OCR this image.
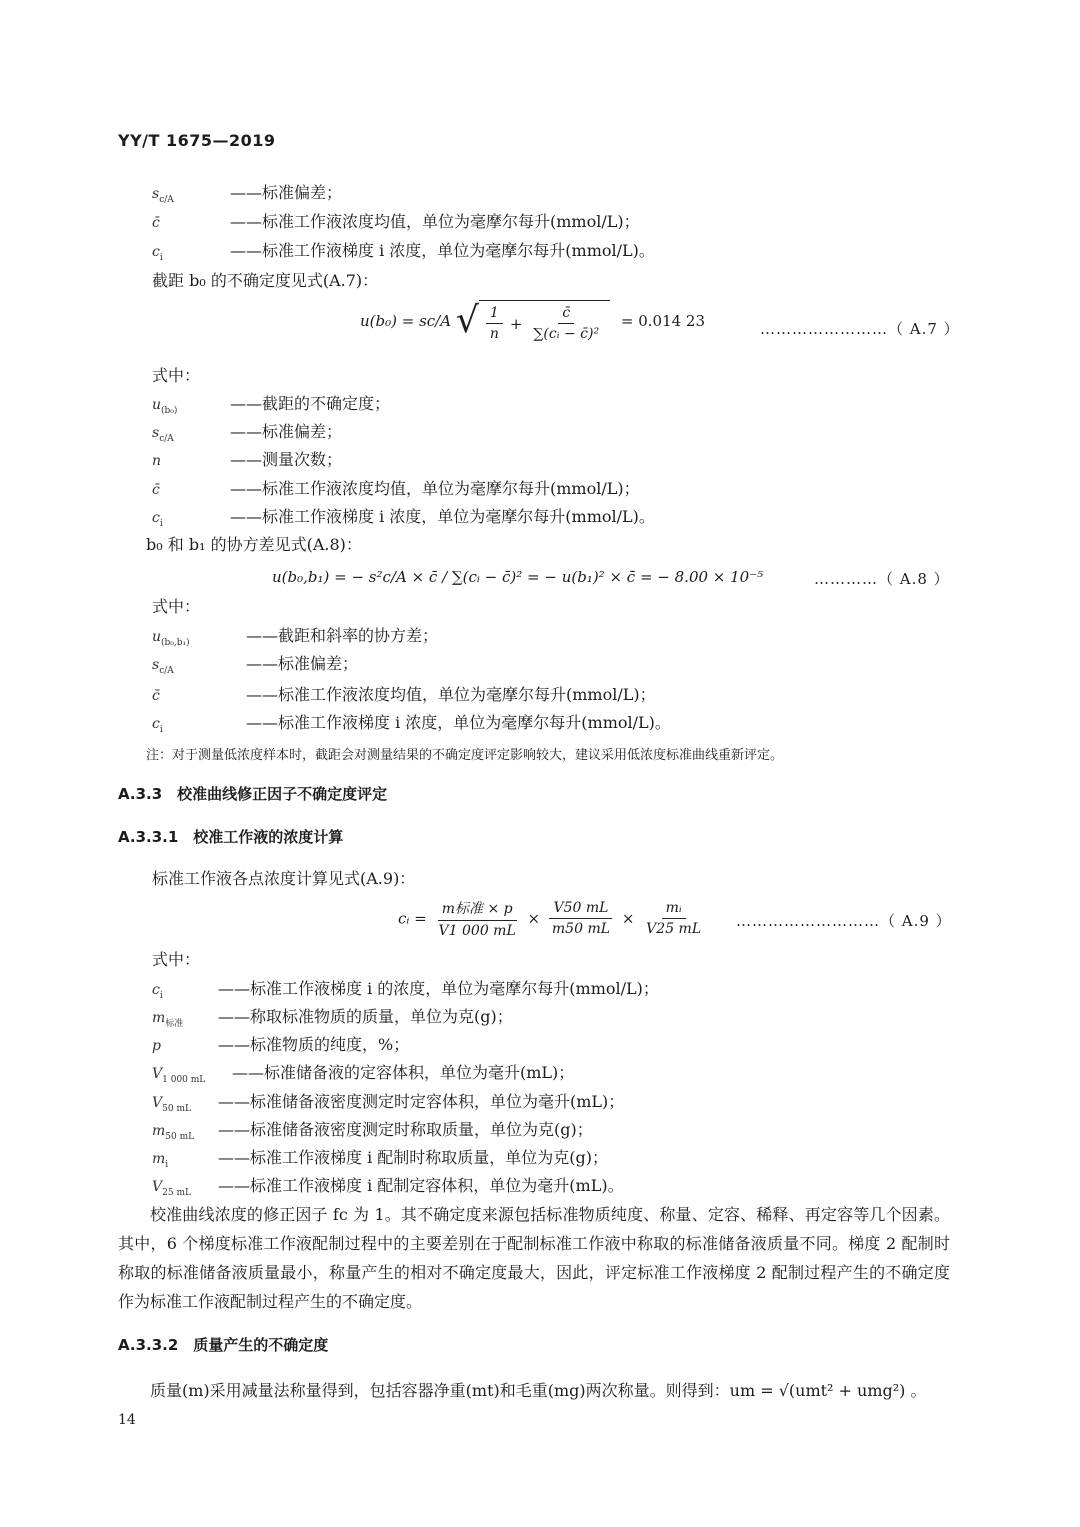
YY/T 1675—2019
$s_{c/A}$	——标准偏差；
c̄	——标准工作液浓度均值，单位为毫摩尔每升(mmol/L)；
$c_i$	——标准工作液梯度 i 浓度，单位为毫摩尔每升(mmol/L)。
截距 b₀ 的不确定度见式(A.7)：
u(b₀) = sc/A √ $\frac{1}{n} + \frac{c̄}{\text{∑(cᵢ − c̄)²}} = 0.014$ 23	……………………（ A.7 ）
式中：
$u_{(b_0)}$	——截距的不确定度；
$s_{c/A}$	——标准偏差；
n	——测量次数；
c̄	——标准工作液浓度均值，单位为毫摩尔每升(mmol/L)；
$c_i$	——标准工作液梯度 i 浓度，单位为毫摩尔每升(mmol/L)。
b₀ 和 b₁ 的协方差见式(A.8)：
u(b₀,b₁) = − s²c/A × c̄ / ∑(cᵢ − c̄)² = − u(b₁)² × c̄ = − 8.00 × 10⁻⁵	…………（ A.8 ）
式中：
$u_{(b_0,b_1)}$	——截距和斜率的协方差；
$s_{c/A}$	——标准偏差；
c̄	——标准工作液浓度均值，单位为毫摩尔每升(mmol/L)；
$c_i$	——标准工作液梯度 i 浓度，单位为毫摩尔每升(mmol/L)。
注：对于测量低浓度样本时，截距会对测量结果的不确定度评定影响较大，建议采用低浓度标准曲线重新评定。
A.3.3　校准曲线修正因子不确定度评定
A.3.3.1　校准工作液的浓度计算
标准工作液各点浓度计算见式(A.9)：
cᵢ = $\frac{\text{m标准 × p}}{V1 000 mL} \times \frac{V50 mL}{m50 mL} \times \frac{\text{mᵢ}}{V25 mL}$ ………………………（ A.9 ）
式中：
$c_i$	——标准工作液梯度 i 的浓度，单位为毫摩尔每升(mmol/L)；
$m_{标准}$ ——称取标准物质的质量，单位为克(g)；
p	——标准物质的纯度，%；
$V_{1 000 mL}$ ——标准储备液的定容体积，单位为毫升(mL)；
$V_{50 mL}$ ——标准储备液密度测定时定容体积，单位为毫升(mL)；
$m_{50 mL}$ ——标准储备液密度测定时称取质量，单位为克(g)；
$m_i$	——标准工作液梯度 i 配制时称取质量，单位为克(g)；
$V_{25 mL}$ ——标准工作液梯度 i 配制定容体积，单位为毫升(mL)。
校准曲线浓度的修正因子 fc 为 1。其不确定度来源包括标准物质纯度、称量、定容、稀释、再定容等几个因素。其中，6 个梯度标准工作液配制过程中的主要差别在于配制标准工作液中称取的标准储备液质量不同。梯度 2 配制时称取的标准储备液质量最小，称量产生的相对不确定度最大，因此，评定标准工作液梯度 2 配制过程产生的不确定度作为标准工作液配制过程产生的不确定度。
A.3.3.2　质量产生的不确定度
质量(m)采用减量法称量得到，包括容器净重(mt)和毛重(mg)两次称量。则得到：um = √(umt² + umg²) 。
14
